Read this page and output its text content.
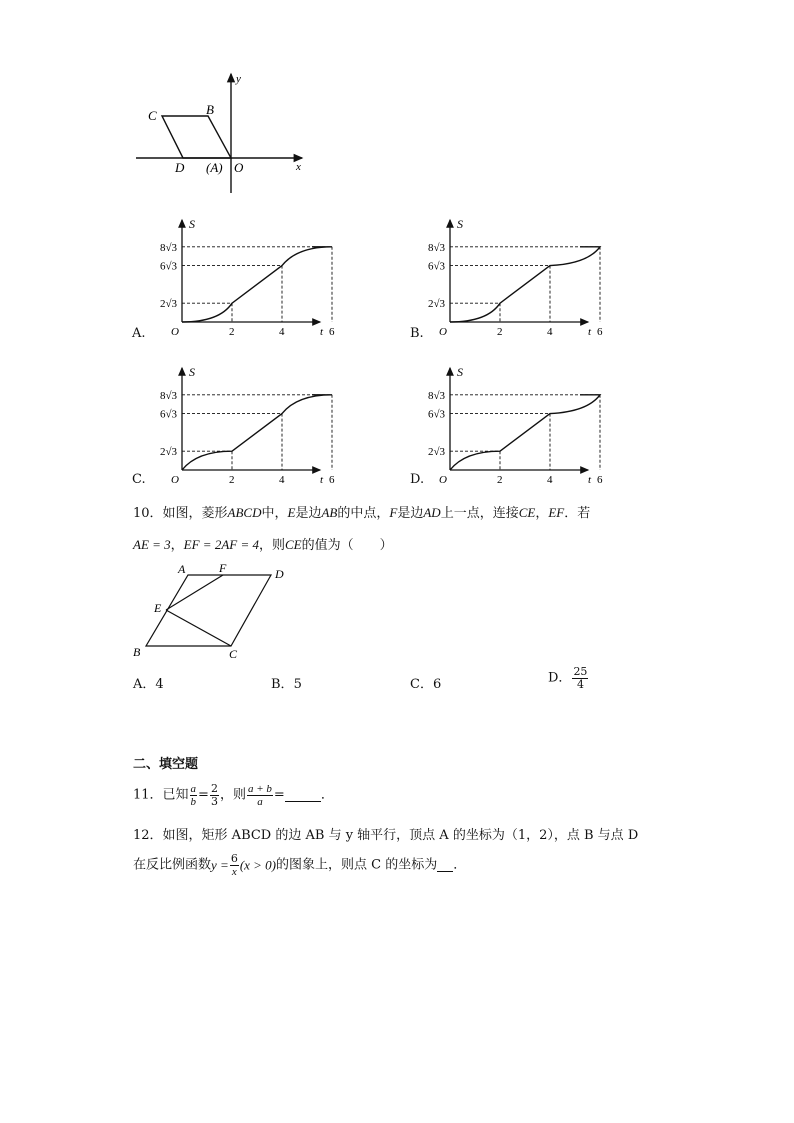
C	B
D (A) O	x
y
A.
8√3
6√3
2√3
2	4	6
O
S
t	B.
8√3
6√3
2√3
2	4	6
O
S
t
C.
8√3
6√3
2√3
2	4	6
O
S
t	D.
8√3
6√3
2√3
2	4	6
O
S
t
10．如图，菱形ABCD中，E是边AB的中点，F是边AD上一点，连接CE，EF．若
AE = 3，EF = 2AF = 4，则CE的值为（　　）
A	F	D
E
B	C
A．4	B．5	C．6	D． $\frac{25}{4}$
二、填空题
11．已知 $\frac{a}{b} = \frac{2}{3}$ ，则 $\frac{a + b}{a}$ =	．
12．如图，矩形 ABCD 的边 AB 与 y 轴平行，顶点 A 的坐标为（1，2），点 B 与点 D
在反比例函数$y = \frac{6}{x} (x > 0)$的图象上，则点 C 的坐标为 ．
